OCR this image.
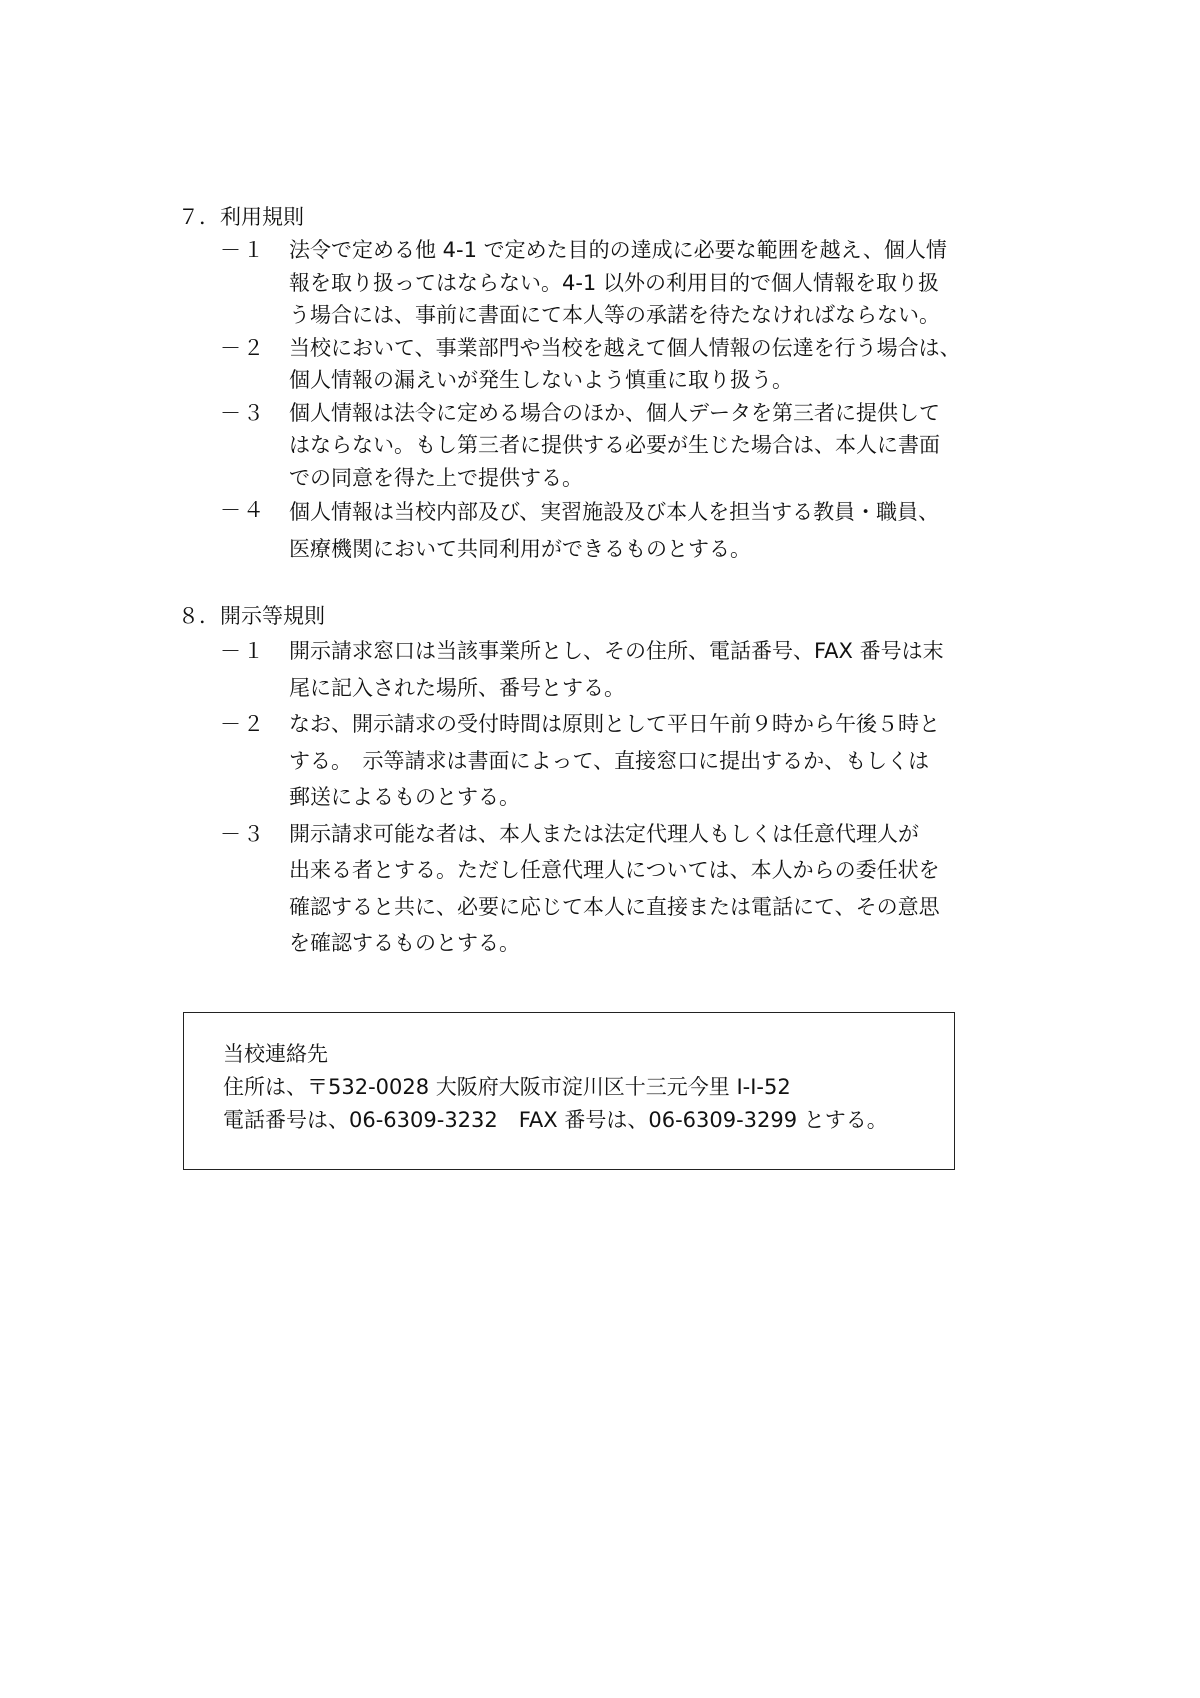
７．利用規則
－１ 法令で定める他 4-1 で定めた目的の達成に必要な範囲を越え、個人情
報を取り扱ってはならない。4-1 以外の利用目的で個人情報を取り扱
う場合には、事前に書面にて本人等の承諾を待たなければならない。
－２ 当校において、事業部門や当校を越えて個人情報の伝達を行う場合は、
個人情報の漏えいが発生しないよう慎重に取り扱う。
－３ 個人情報は法令に定める場合のほか、個人データを第三者に提供して
はならない。もし第三者に提供する必要が生じた場合は、本人に書面
での同意を得た上で提供する。
－４ 個人情報は当校内部及び、実習施設及び本人を担当する教員・職員、
医療機関において共同利用ができるものとする。
８．開示等規則
－１ 開示請求窓口は当該事業所とし、その住所、電話番号、FAX 番号は末
尾に記入された場所、番号とする。
－２ なお、開示請求の受付時間は原則として平日午前９時から午後５時と
する。　示等請求は書面によって、直接窓口に提出するか、もしくは
郵送によるものとする。
－３ 開示請求可能な者は、本人または法定代理人もしくは任意代理人が
出来る者とする。ただし任意代理人については、本人からの委任状を
確認すると共に、必要に応じて本人に直接または電話にて、その意思
を確認するものとする。
当校連絡先
住所は、〒532-0028 大阪府大阪市淀川区十三元今里 I-I-52
電話番号は、06-6309-3232　FAX 番号は、06-6309-3299 とする。
